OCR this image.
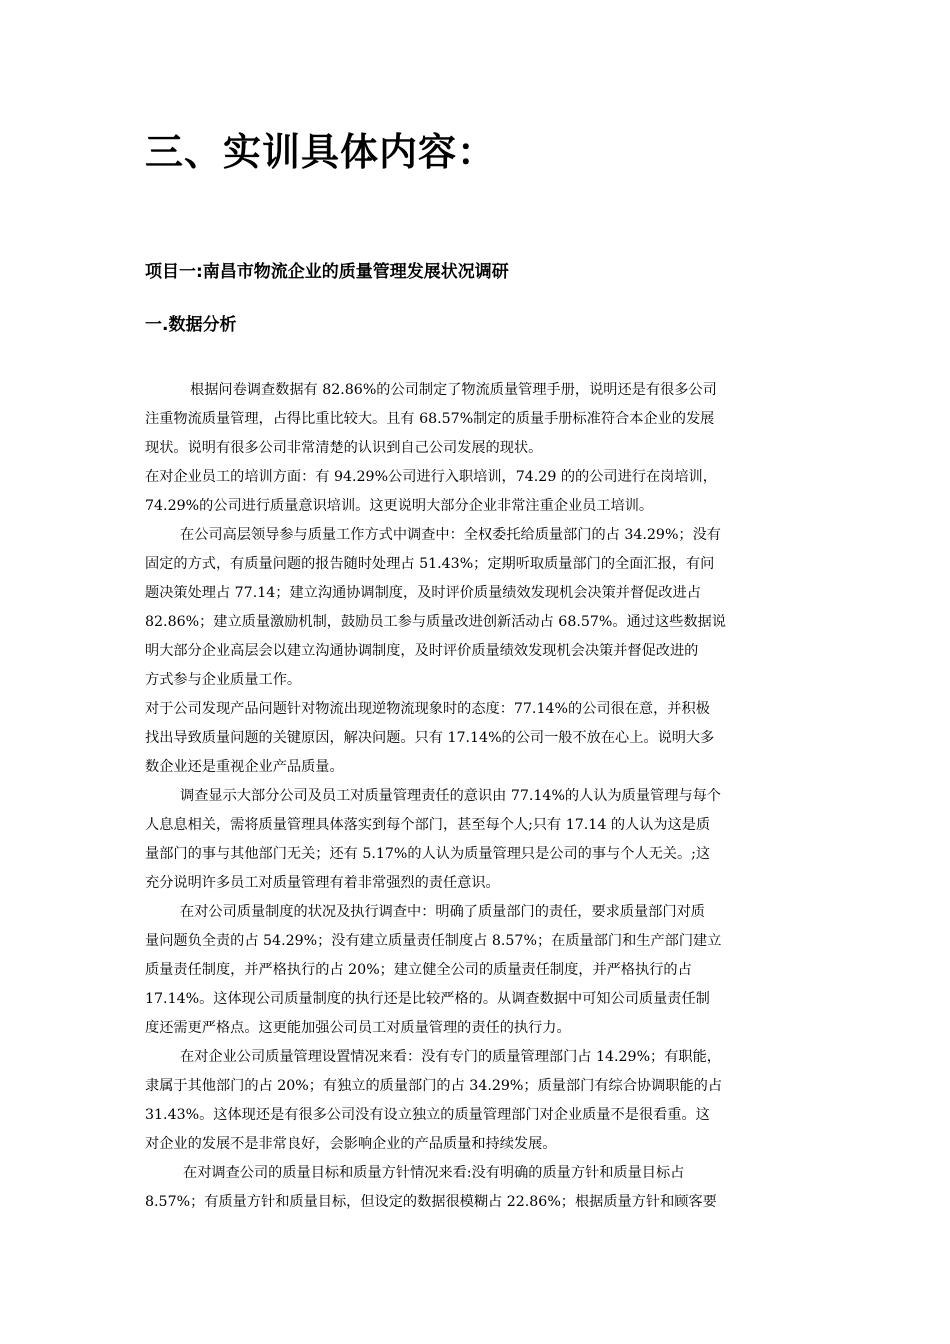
三、实训具体内容：
项目一:南昌市物流企业的质量管理发展状况调研
一.数据分析
根据问卷调查数据有 82.86%的公司制定了物流质量管理手册，说明还是有很多公司
注重物流质量管理，占得比重比较大。且有 68.57%制定的质量手册标准符合本企业的发展
现状。说明有很多公司非常清楚的认识到自己公司发展的现状。
在对企业员工的培训方面：有 94.29%公司进行入职培训，74.29 的的公司进行在岗培训，
74.29%的公司进行质量意识培训。这更说明大部分企业非常注重企业员工培训。
在公司高层领导参与质量工作方式中调查中：全权委托给质量部门的占 34.29%；没有
固定的方式，有质量问题的报告随时处理占 51.43%；定期听取质量部门的全面汇报，有问
题决策处理占 77.14；建立沟通协调制度，及时评价质量绩效发现机会决策并督促改进占
82.86%；建立质量激励机制，鼓励员工参与质量改进创新活动占 68.57%。通过这些数据说
明大部分企业高层会以建立沟通协调制度，及时评价质量绩效发现机会决策并督促改进的
方式参与企业质量工作。
对于公司发现产品问题针对物流出现逆物流现象时的态度：77.14%的公司很在意，并积极
找出导致质量问题的关键原因，解决问题。只有 17.14%的公司一般不放在心上。说明大多
数企业还是重视企业产品质量。
调查显示大部分公司及员工对质量管理责任的意识由 77.14%的人认为质量管理与每个
人息息相关，需将质量管理具体落实到每个部门，甚至每个人;只有 17.14 的人认为这是质
量部门的事与其他部门无关；还有 5.17%的人认为质量管理只是公司的事与个人无关。;这
充分说明许多员工对质量管理有着非常强烈的责任意识。
在对公司质量制度的状况及执行调查中：明确了质量部门的责任，要求质量部门对质
量问题负全责的占 54.29%；没有建立质量责任制度占 8.57%；在质量部门和生产部门建立
质量责任制度，并严格执行的占 20%；建立健全公司的质量责任制度，并严格执行的占
17.14%。这体现公司质量制度的执行还是比较严格的。从调查数据中可知公司质量责任制
度还需更严格点。这更能加强公司员工对质量管理的责任的执行力。
在对企业公司质量管理设置情况来看：没有专门的质量管理部门占 14.29%；有职能，
隶属于其他部门的占 20%；有独立的质量部门的占 34.29%；质量部门有综合协调职能的占
31.43%。这体现还是有很多公司没有设立独立的质量管理部门对企业质量不是很看重。这
对企业的发展不是非常良好，会影响企业的产品质量和持续发展。
在对调查公司的质量目标和质量方针情况来看:没有明确的质量方针和质量目标占
8.57%；有质量方针和质量目标，但设定的数据很模糊占 22.86%；根据质量方针和顾客要
